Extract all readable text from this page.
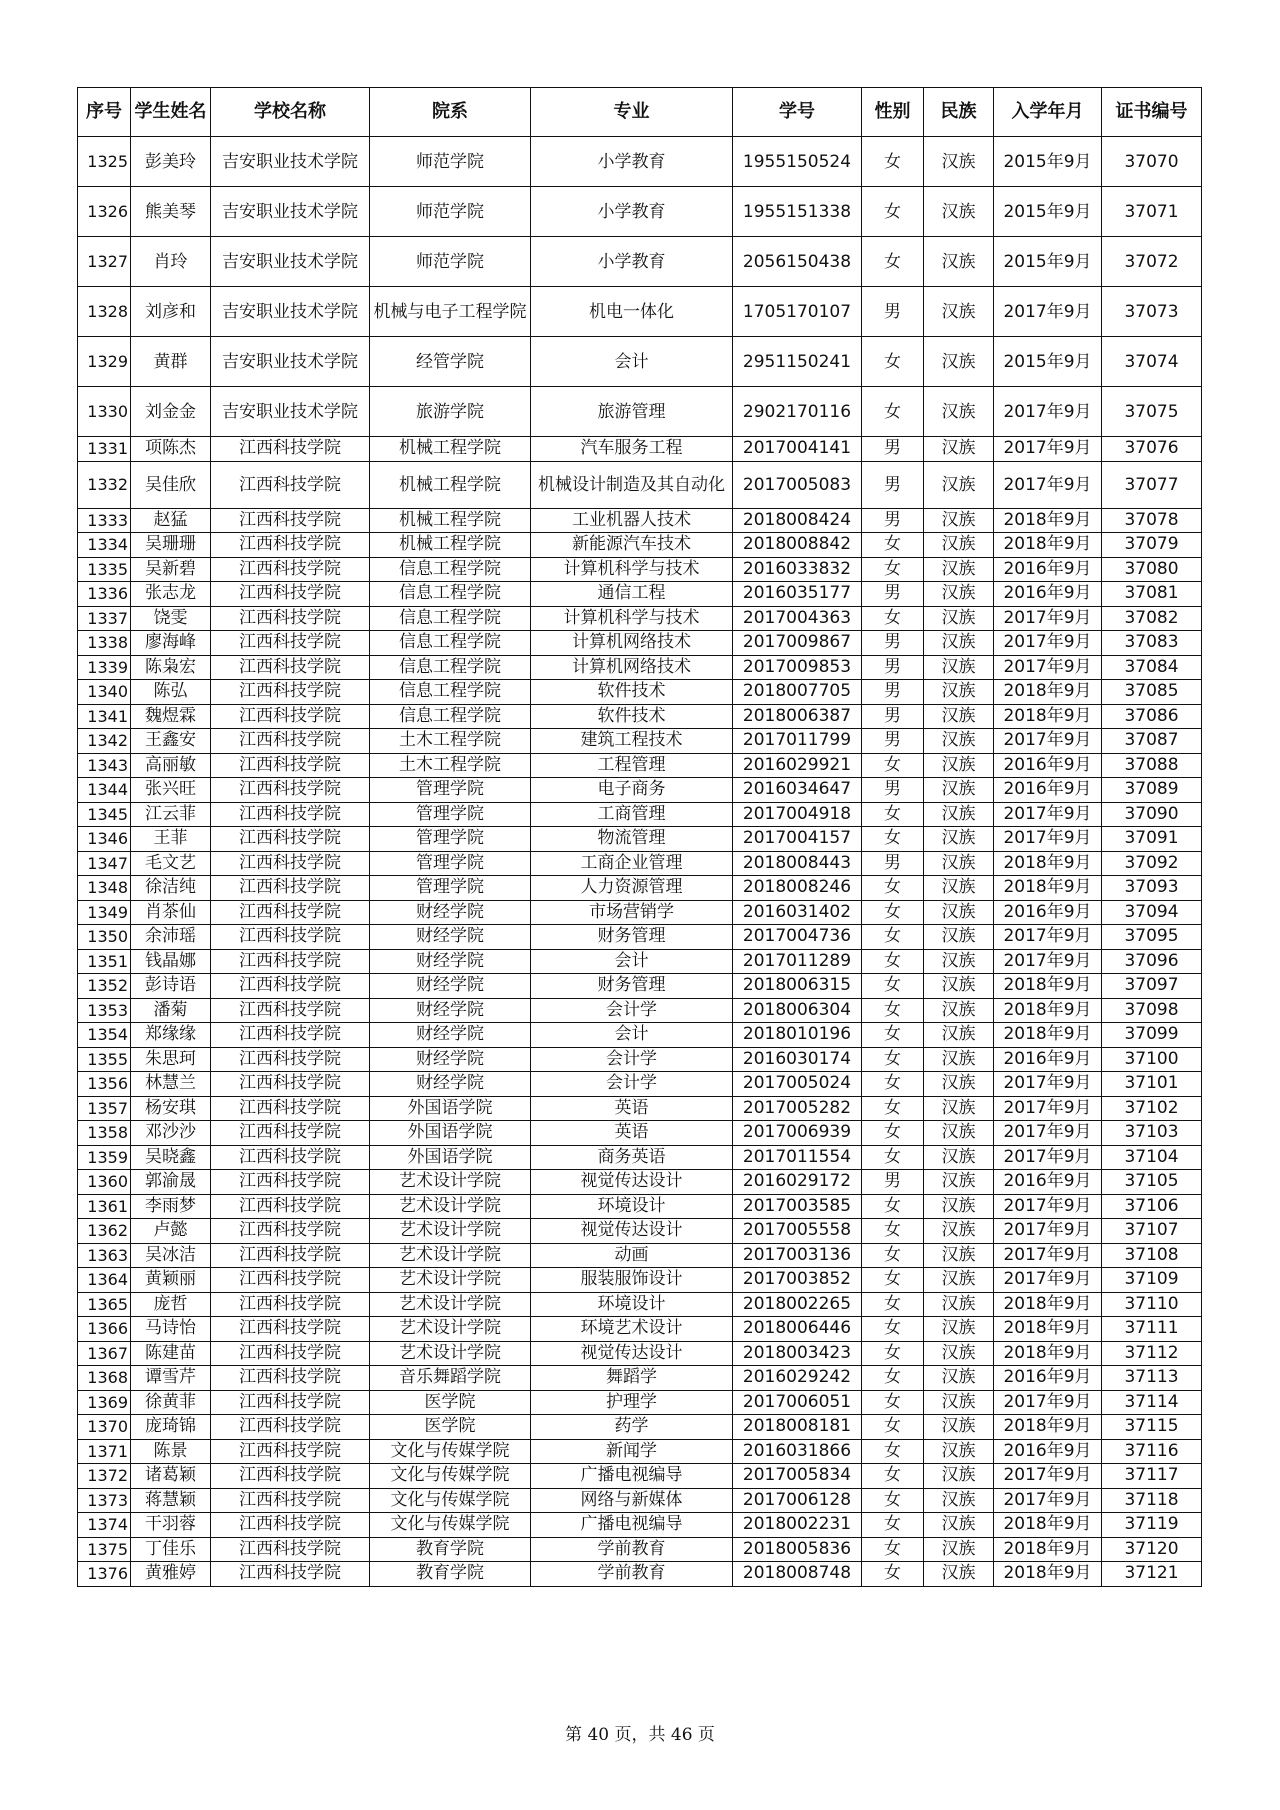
序号	学生姓名	学校名称	院系	专业	学号	性别	民族	入学年月	证书编号
1325	彭美玲	吉安职业技术学院	师范学院	小学教育	1955150524	女	汉族	2015年9月	37070
1326	熊美琴	吉安职业技术学院	师范学院	小学教育	1955151338	女	汉族	2015年9月	37071
1327	肖玲	吉安职业技术学院	师范学院	小学教育	2056150438	女	汉族	2015年9月	37072
1328	刘彦和	吉安职业技术学院	机械与电子工程学院	机电一体化	1705170107	男	汉族	2017年9月	37073
1329	黄群	吉安职业技术学院	经管学院	会计	2951150241	女	汉族	2015年9月	37074
1330	刘金金	吉安职业技术学院	旅游学院	旅游管理	2902170116	女	汉族	2017年9月	37075
1331	项陈杰	江西科技学院	机械工程学院	汽车服务工程	2017004141	男	汉族	2017年9月	37076
1332	吴佳欣	江西科技学院	机械工程学院	机械设计制造及其自动化	2017005083	男	汉族	2017年9月	37077
1333	赵猛	江西科技学院	机械工程学院	工业机器人技术	2018008424	男	汉族	2018年9月	37078
1334	吴珊珊	江西科技学院	机械工程学院	新能源汽车技术	2018008842	女	汉族	2018年9月	37079
1335	吴新碧	江西科技学院	信息工程学院	计算机科学与技术	2016033832	女	汉族	2016年9月	37080
1336	张志龙	江西科技学院	信息工程学院	通信工程	2016035177	男	汉族	2016年9月	37081
1337	饶雯	江西科技学院	信息工程学院	计算机科学与技术	2017004363	女	汉族	2017年9月	37082
1338	廖海峰	江西科技学院	信息工程学院	计算机网络技术	2017009867	男	汉族	2017年9月	37083
1339	陈枭宏	江西科技学院	信息工程学院	计算机网络技术	2017009853	男	汉族	2017年9月	37084
1340	陈弘	江西科技学院	信息工程学院	软件技术	2018007705	男	汉族	2018年9月	37085
1341	魏煜霖	江西科技学院	信息工程学院	软件技术	2018006387	男	汉族	2018年9月	37086
1342	王鑫安	江西科技学院	土木工程学院	建筑工程技术	2017011799	男	汉族	2017年9月	37087
1343	高丽敏	江西科技学院	土木工程学院	工程管理	2016029921	女	汉族	2016年9月	37088
1344	张兴旺	江西科技学院	管理学院	电子商务	2016034647	男	汉族	2016年9月	37089
1345	江云菲	江西科技学院	管理学院	工商管理	2017004918	女	汉族	2017年9月	37090
1346	王菲	江西科技学院	管理学院	物流管理	2017004157	女	汉族	2017年9月	37091
1347	毛文艺	江西科技学院	管理学院	工商企业管理	2018008443	男	汉族	2018年9月	37092
1348	徐洁纯	江西科技学院	管理学院	人力资源管理	2018008246	女	汉族	2018年9月	37093
1349	肖茶仙	江西科技学院	财经学院	市场营销学	2016031402	女	汉族	2016年9月	37094
1350	余沛瑶	江西科技学院	财经学院	财务管理	2017004736	女	汉族	2017年9月	37095
1351	钱晶娜	江西科技学院	财经学院	会计	2017011289	女	汉族	2017年9月	37096
1352	彭诗语	江西科技学院	财经学院	财务管理	2018006315	女	汉族	2018年9月	37097
1353	潘菊	江西科技学院	财经学院	会计学	2018006304	女	汉族	2018年9月	37098
1354	郑缘缘	江西科技学院	财经学院	会计	2018010196	女	汉族	2018年9月	37099
1355	朱思珂	江西科技学院	财经学院	会计学	2016030174	女	汉族	2016年9月	37100
1356	林慧兰	江西科技学院	财经学院	会计学	2017005024	女	汉族	2017年9月	37101
1357	杨安琪	江西科技学院	外国语学院	英语	2017005282	女	汉族	2017年9月	37102
1358	邓沙沙	江西科技学院	外国语学院	英语	2017006939	女	汉族	2017年9月	37103
1359	吴晓鑫	江西科技学院	外国语学院	商务英语	2017011554	女	汉族	2017年9月	37104
1360	郭渝晟	江西科技学院	艺术设计学院	视觉传达设计	2016029172	男	汉族	2016年9月	37105
1361	李雨梦	江西科技学院	艺术设计学院	环境设计	2017003585	女	汉族	2017年9月	37106
1362	卢懿	江西科技学院	艺术设计学院	视觉传达设计	2017005558	女	汉族	2017年9月	37107
1363	吴冰洁	江西科技学院	艺术设计学院	动画	2017003136	女	汉族	2017年9月	37108
1364	黄颖丽	江西科技学院	艺术设计学院	服装服饰设计	2017003852	女	汉族	2017年9月	37109
1365	庞哲	江西科技学院	艺术设计学院	环境设计	2018002265	女	汉族	2018年9月	37110
1366	马诗怡	江西科技学院	艺术设计学院	环境艺术设计	2018006446	女	汉族	2018年9月	37111
1367	陈建苗	江西科技学院	艺术设计学院	视觉传达设计	2018003423	女	汉族	2018年9月	37112
1368	谭雪芹	江西科技学院	音乐舞蹈学院	舞蹈学	2016029242	女	汉族	2016年9月	37113
1369	徐黄菲	江西科技学院	医学院	护理学	2017006051	女	汉族	2017年9月	37114
1370	庞琦锦	江西科技学院	医学院	药学	2018008181	女	汉族	2018年9月	37115
1371	陈景	江西科技学院	文化与传媒学院	新闻学	2016031866	女	汉族	2016年9月	37116
1372	诸葛颖	江西科技学院	文化与传媒学院	广播电视编导	2017005834	女	汉族	2017年9月	37117
1373	蒋慧颖	江西科技学院	文化与传媒学院	网络与新媒体	2017006128	女	汉族	2017年9月	37118
1374	干羽蓉	江西科技学院	文化与传媒学院	广播电视编导	2018002231	女	汉族	2018年9月	37119
1375	丁佳乐	江西科技学院	教育学院	学前教育	2018005836	女	汉族	2018年9月	37120
1376	黄雅婷	江西科技学院	教育学院	学前教育	2018008748	女	汉族	2018年9月	37121
第 40 页，共 46 页
